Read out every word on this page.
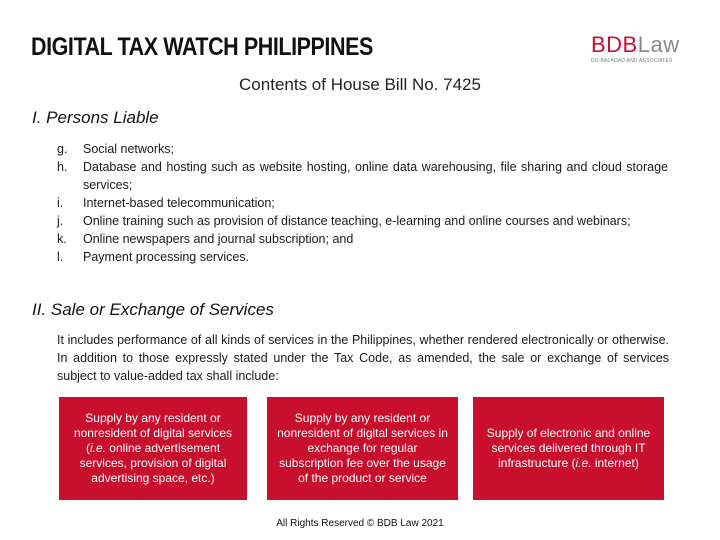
DIGITAL TAX WATCH PHILIPPINES	BDBLaw
DU-BALADAD AND ASSOCIATES
Contents of House Bill No. 7425
I. Persons Liable
g.	Social networks;
h.	Database and hosting such as website hosting, online data warehousing, file sharing and cloud storage services;
i.	Internet-based telecommunication;
j.	Online training such as provision of distance teaching, e-learning and online courses and webinars;
k.	Online newspapers and journal subscription; and
l.	Payment processing services.
II. Sale or Exchange of Services

It includes performance of all kinds of services in the Philippines, whether rendered electronically or otherwise. In addition to those expressly stated under the Tax Code, as amended, the sale or exchange of services subject to value-added tax shall include:

Supply by any resident or nonresident of digital services (i.e. online advertisement services, provision of digital advertising space, etc.)
Supply by any resident or nonresident of digital services in exchange for regular subscription fee over the usage of the product or service
Supply of electronic and online services delivered through IT infrastructure (i.e. internet)
All Rights Reserved © BDB Law 2021
